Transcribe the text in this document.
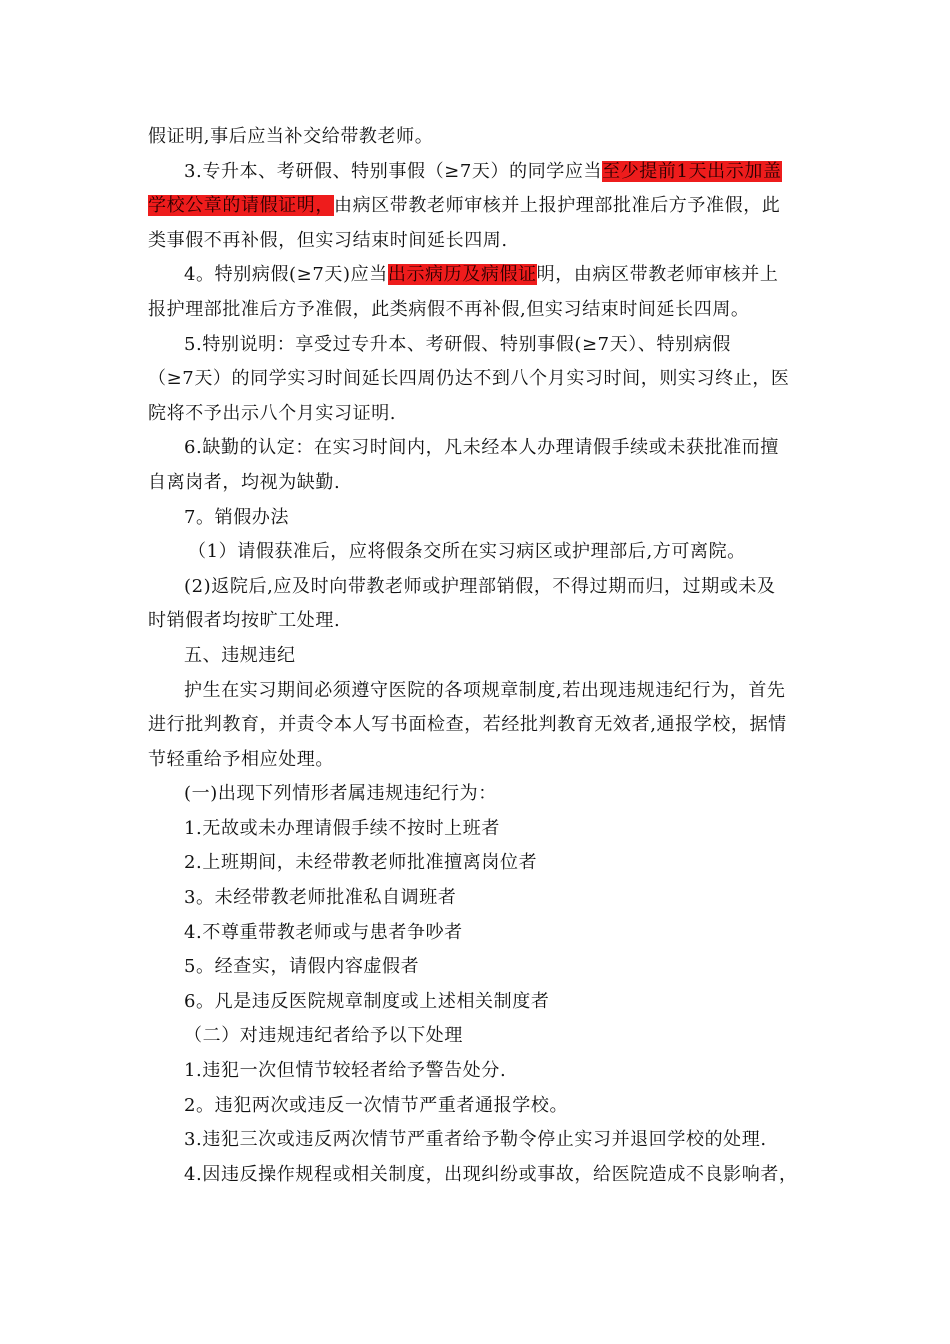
假证明,事后应当补交给带教老师。

3.专升本、考研假、特别事假（≥7天）的同学应当至少提前1天出示加盖

学校公章的请假证明，由病区带教老师审核并上报护理部批准后方予准假，此

类事假不再补假，但实习结束时间延长四周.

4。特别病假(≥7天)应当出示病历及病假证明，由病区带教老师审核并上

报护理部批准后方予准假，此类病假不再补假,但实习结束时间延长四周。

5.特别说明：享受过专升本、考研假、特别事假(≥7天）、特别病假

（≥7天）的同学实习时间延长四周仍达不到八个月实习时间，则实习终止，医

院将不予出示八个月实习证明.

6.缺勤的认定：在实习时间内，凡未经本人办理请假手续或未获批准而擅

自离岗者，均视为缺勤.

7。销假办法

（1）请假获准后，应将假条交所在实习病区或护理部后,方可离院。

(2)返院后,应及时向带教老师或护理部销假，不得过期而归，过期或未及

时销假者均按旷工处理.

五、违规违纪

护生在实习期间必须遵守医院的各项规章制度,若出现违规违纪行为，首先

进行批判教育，并责令本人写书面检查，若经批判教育无效者,通报学校，据情

节轻重给予相应处理。

(一)出现下列情形者属违规违纪行为：

1.无故或未办理请假手续不按时上班者

2.上班期间，未经带教老师批准擅离岗位者

3。未经带教老师批准私自调班者

4.不尊重带教老师或与患者争吵者

5。经查实，请假内容虚假者

6。凡是违反医院规章制度或上述相关制度者

（二）对违规违纪者给予以下处理

1.违犯一次但情节较轻者给予警告处分.

2。违犯两次或违反一次情节严重者通报学校。

3.违犯三次或违反两次情节严重者给予勒令停止实习并退回学校的处理.

4.因违反操作规程或相关制度，出现纠纷或事故，给医院造成不良影响者，
